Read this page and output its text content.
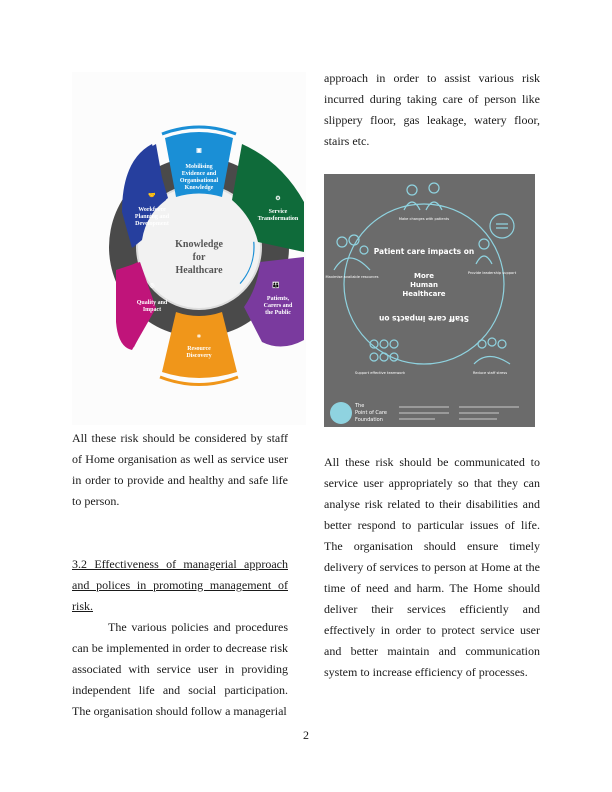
Knowledge
for
Healthcare
▣
Mobilising
Evidence and
Organisational
Knowledge
⚙
Service
Transformation
👪
Patients,
Carers and
the Public
⌗
Resource
Discovery
◎
Quality and
Impact
🤝
Workforce
Planning and
Development

All these risk should be considered by staff of Home organisation as well as service user in order to provide and healthy and safe life to person.

3.2 Effectiveness of managerial approach and polices in promoting management of risk.

The various policies and procedures can be implemented in order to decrease risk associated with service user in providing independent life and social participation. The organisation should follow a managerial

approach in order to assist various risk incurred during taking care of person like slippery floor, gas leakage, watery floor, stairs etc.

Patient care impacts on
Staff care impacts on
More
Human
Healthcare
Make changes with patients
Provide leadership support
Reduce staff stress
Support effective teamwork
Maximise available resources
The
Point of Care
Foundation

All these risk should be communicated to service user appropriately so that they can analyse risk related to their disabilities and better respond to particular issues of life. The organisation should ensure timely delivery of services to person at Home at the time of need and harm. The Home should deliver their services efficiently and effectively in order to protect service user and better maintain and communication system to increase efficiency of processes.

2
